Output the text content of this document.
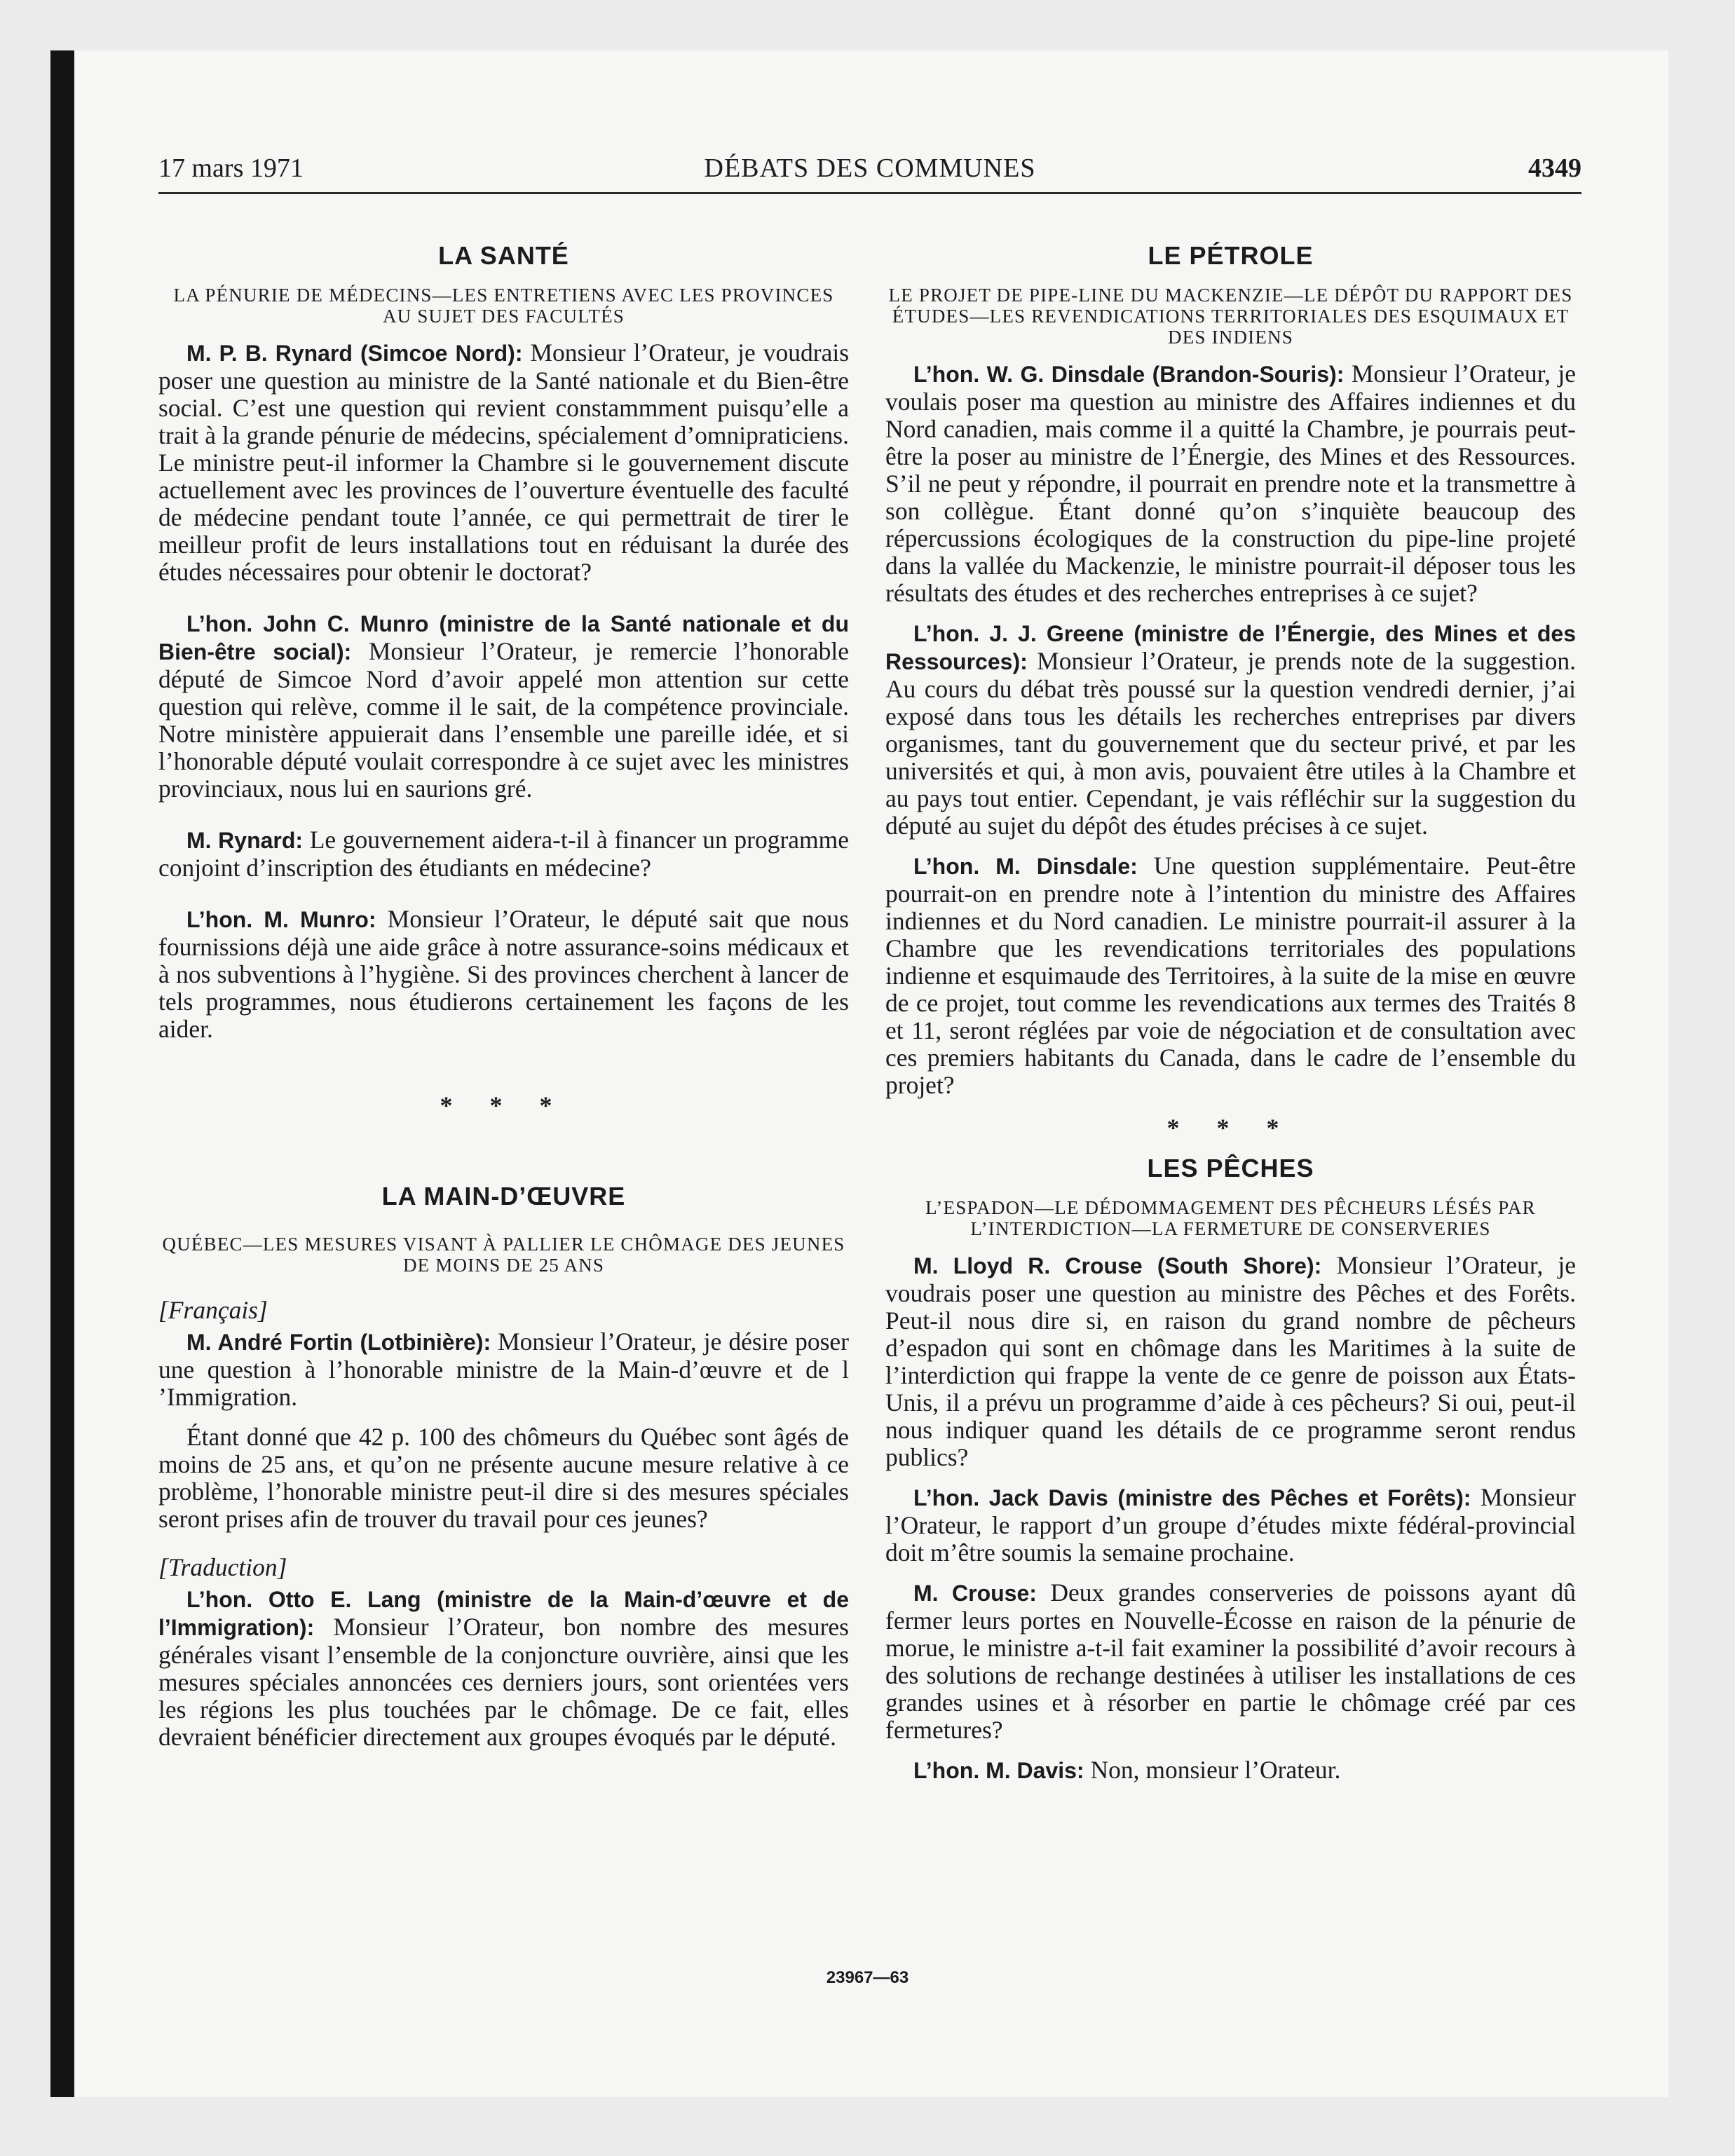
17 mars 1971	DÉBATS DES COMMUNES	4349
LA SANTÉ
LA PÉNURIE DE MÉDECINS—LES ENTRETIENS AVEC LES PROVINCES AU SUJET DES FACULTÉS

M. P. B. Rynard (Simcoe Nord): Monsieur l’Orateur, je voudrais poser une question au ministre de la Santé nationale et du Bien-être social. C’est une question qui revient constammment puisqu’elle a trait à la grande pénurie de médecins, spécialement d’omnipraticiens. Le ministre peut-il informer la Chambre si le gouvernement discute actuellement avec les provinces de l’ouverture éventuelle des faculté de médecine pendant toute l’année, ce qui permettrait de tirer le meilleur profit de leurs installations tout en réduisant la durée des études nécessaires pour obtenir le doctorat?

L’hon. John C. Munro (ministre de la Santé nationale et du Bien-être social): Monsieur l’Orateur, je remercie l’honorable député de Simcoe Nord d’avoir appelé mon attention sur cette question qui relève, comme il le sait, de la compétence provinciale. Notre ministère appuierait dans l’ensemble une pareille idée, et si l’honorable député voulait correspondre à ce sujet avec les ministres provinciaux, nous lui en saurions gré.

M. Rynard: Le gouvernement aidera-t-il à financer un programme conjoint d’inscription des étudiants en médecine?

L’hon. M. Munro: Monsieur l’Orateur, le député sait que nous fournissions déjà une aide grâce à notre assurance-soins médicaux et à nos subventions à l’hygiène. Si des provinces cherchent à lancer de tels programmes, nous étudierons certainement les façons de les aider.

* * *
LA MAIN-D’ŒUVRE
QUÉBEC—LES MESURES VISANT À PALLIER LE CHÔMAGE DES JEUNES DE MOINS DE 25 ANS
[Français]

M. André Fortin (Lotbinière): Monsieur l’Orateur, je désire poser une question à l’honorable ministre de la Main-d’œuvre et de l ’Immigration.

Étant donné que 42 p. 100 des chômeurs du Québec sont âgés de moins de 25 ans, et qu’on ne présente aucune mesure relative à ce problème, l’honorable ministre peut-il dire si des mesures spéciales seront prises afin de trouver du travail pour ces jeunes?

[Traduction]

L’hon. Otto E. Lang (ministre de la Main-d’œuvre et de l’Immigration): Monsieur l’Orateur, bon nombre des mesures générales visant l’ensemble de la conjoncture ouvrière, ainsi que les mesures spéciales annoncées ces derniers jours, sont orientées vers les régions les plus touchées par le chômage. De ce fait, elles devraient bénéficier directement aux groupes évoqués par le député.

LE PÉTROLE
LE PROJET DE PIPE-LINE DU MACKENZIE—LE DÉPÔT DU RAPPORT DES ÉTUDES—LES REVENDICATIONS TERRITORIALES DES ESQUIMAUX ET DES INDIENS

L’hon. W. G. Dinsdale (Brandon-Souris): Monsieur l’Orateur, je voulais poser ma question au ministre des Affaires indiennes et du Nord canadien, mais comme il a quitté la Chambre, je pourrais peut-être la poser au ministre de l’Énergie, des Mines et des Ressources. S’il ne peut y répondre, il pourrait en prendre note et la transmettre à son collègue. Étant donné qu’on s’inquiète beaucoup des répercussions écologiques de la construction du pipe-line projeté dans la vallée du Mackenzie, le ministre pourrait-il déposer tous les résultats des études et des recherches entreprises à ce sujet?

L’hon. J. J. Greene (ministre de l’Énergie, des Mines et des Ressources): Monsieur l’Orateur, je prends note de la suggestion. Au cours du débat très poussé sur la question vendredi dernier, j’ai exposé dans tous les détails les recherches entreprises par divers organismes, tant du gouvernement que du secteur privé, et par les universités et qui, à mon avis, pouvaient être utiles à la Chambre et au pays tout entier. Cependant, je vais réfléchir sur la suggestion du député au sujet du dépôt des études précises à ce sujet.

L’hon. M. Dinsdale: Une question supplémentaire. Peut-être pourrait-on en prendre note à l’intention du ministre des Affaires indiennes et du Nord canadien. Le ministre pourrait-il assurer à la Chambre que les revendications territoriales des populations indienne et esquimaude des Territoires, à la suite de la mise en œuvre de ce projet, tout comme les revendications aux termes des Traités 8 et 11, seront réglées par voie de négociation et de consultation avec ces premiers habitants du Canada, dans le cadre de l’ensemble du projet?

* * *
LES PÊCHES
L’ESPADON—LE DÉDOMMAGEMENT DES PÊCHEURS LÉSÉS PAR L’INTERDICTION—LA FERMETURE DE CONSERVERIES

M. Lloyd R. Crouse (South Shore): Monsieur l’Orateur, je voudrais poser une question au ministre des Pêches et des Forêts. Peut-il nous dire si, en raison du grand nombre de pêcheurs d’espadon qui sont en chômage dans les Maritimes à la suite de l’interdiction qui frappe la vente de ce genre de poisson aux États-Unis, il a prévu un programme d’aide à ces pêcheurs? Si oui, peut-il nous indiquer quand les détails de ce programme seront rendus publics?

L’hon. Jack Davis (ministre des Pêches et Forêts): Monsieur l’Orateur, le rapport d’un groupe d’études mixte fédéral-provincial doit m’être soumis la semaine prochaine.

M. Crouse: Deux grandes conserveries de poissons ayant dû fermer leurs portes en Nouvelle-Écosse en raison de la pénurie de morue, le ministre a-t-il fait examiner la possibilité d’avoir recours à des solutions de rechange destinées à utiliser les installations de ces grandes usines et à résorber en partie le chômage créé par ces fermetures?

L’hon. M. Davis: Non, monsieur l’Orateur.

23967—63
